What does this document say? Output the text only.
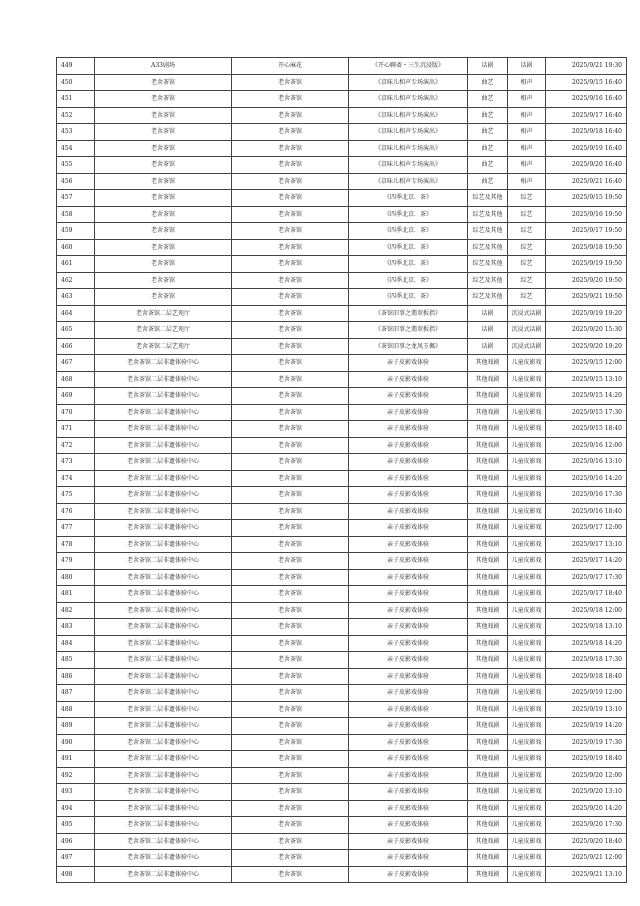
449	A33剧场	开心麻花	《开心聊斋・三生沉浸版》	话剧	话剧	2025/9/21 19:30
450	老舍茶馆	老舍茶馆	《京味儿相声专场演出》	曲艺	相声	2025/9/15 16:40
451	老舍茶馆	老舍茶馆	《京味儿相声专场演出》	曲艺	相声	2025/9/16 16:40
452	老舍茶馆	老舍茶馆	《京味儿相声专场演出》	曲艺	相声	2025/9/17 16:40
453	老舍茶馆	老舍茶馆	《京味儿相声专场演出》	曲艺	相声	2025/9/18 16:40
454	老舍茶馆	老舍茶馆	《京味儿相声专场演出》	曲艺	相声	2025/9/19 16:40
455	老舍茶馆	老舍茶馆	《京味儿相声专场演出》	曲艺	相声	2025/9/20 16:40
456	老舍茶馆	老舍茶馆	《京味儿相声专场演出》	曲艺	相声	2025/9/21 16:40
457	老舍茶馆	老舍茶馆	《四季北京．茶》	综艺及其他	综艺	2025/9/15 19:50
458	老舍茶馆	老舍茶馆	《四季北京．茶》	综艺及其他	综艺	2025/9/16 19:50
459	老舍茶馆	老舍茶馆	《四季北京．茶》	综艺及其他	综艺	2025/9/17 19:50
460	老舍茶馆	老舍茶馆	《四季北京．茶》	综艺及其他	综艺	2025/9/18 19:50
461	老舍茶馆	老舍茶馆	《四季北京．茶》	综艺及其他	综艺	2025/9/19 19:50
462	老舍茶馆	老舍茶馆	《四季北京．茶》	综艺及其他	综艺	2025/9/20 19:50
463	老舍茶馆	老舍茶馆	《四季北京．茶》	综艺及其他	综艺	2025/9/21 19:50
464	老舍茶馆二层艺苑厅	老舍茶馆	《茶馆旧事之翡翠扳指》	话剧	沉浸式话剧	2025/9/19 19:20
465	老舍茶馆二层艺苑厅	老舍茶馆	《茶馆旧事之翡翠扳指》	话剧	沉浸式话剧	2025/9/20 15:30
466	老舍茶馆二层艺苑厅	老舍茶馆	《茶馆旧事之龙凤玉佩》	话剧	沉浸式话剧	2025/9/20 19:20
467	老舍茶馆二层非遗体验中心	老舍茶馆	亲子皮影戏体验	其他戏剧	儿童皮影戏	2025/9/15 12:00
468	老舍茶馆二层非遗体验中心	老舍茶馆	亲子皮影戏体验	其他戏剧	儿童皮影戏	2025/9/15 13:10
469	老舍茶馆二层非遗体验中心	老舍茶馆	亲子皮影戏体验	其他戏剧	儿童皮影戏	2025/9/15 14:20
470	老舍茶馆二层非遗体验中心	老舍茶馆	亲子皮影戏体验	其他戏剧	儿童皮影戏	2025/9/15 17:30
471	老舍茶馆二层非遗体验中心	老舍茶馆	亲子皮影戏体验	其他戏剧	儿童皮影戏	2025/9/15 18:40
472	老舍茶馆二层非遗体验中心	老舍茶馆	亲子皮影戏体验	其他戏剧	儿童皮影戏	2025/9/16 12:00
473	老舍茶馆二层非遗体验中心	老舍茶馆	亲子皮影戏体验	其他戏剧	儿童皮影戏	2025/9/16 13:10
474	老舍茶馆二层非遗体验中心	老舍茶馆	亲子皮影戏体验	其他戏剧	儿童皮影戏	2025/9/16 14:20
475	老舍茶馆二层非遗体验中心	老舍茶馆	亲子皮影戏体验	其他戏剧	儿童皮影戏	2025/9/16 17:30
476	老舍茶馆二层非遗体验中心	老舍茶馆	亲子皮影戏体验	其他戏剧	儿童皮影戏	2025/9/16 18:40
477	老舍茶馆二层非遗体验中心	老舍茶馆	亲子皮影戏体验	其他戏剧	儿童皮影戏	2025/9/17 12:00
478	老舍茶馆二层非遗体验中心	老舍茶馆	亲子皮影戏体验	其他戏剧	儿童皮影戏	2025/9/17 13:10
479	老舍茶馆二层非遗体验中心	老舍茶馆	亲子皮影戏体验	其他戏剧	儿童皮影戏	2025/9/17 14:20
480	老舍茶馆二层非遗体验中心	老舍茶馆	亲子皮影戏体验	其他戏剧	儿童皮影戏	2025/9/17 17:30
481	老舍茶馆二层非遗体验中心	老舍茶馆	亲子皮影戏体验	其他戏剧	儿童皮影戏	2025/9/17 18:40
482	老舍茶馆二层非遗体验中心	老舍茶馆	亲子皮影戏体验	其他戏剧	儿童皮影戏	2025/9/18 12:00
483	老舍茶馆二层非遗体验中心	老舍茶馆	亲子皮影戏体验	其他戏剧	儿童皮影戏	2025/9/18 13:10
484	老舍茶馆二层非遗体验中心	老舍茶馆	亲子皮影戏体验	其他戏剧	儿童皮影戏	2025/9/18 14:20
485	老舍茶馆二层非遗体验中心	老舍茶馆	亲子皮影戏体验	其他戏剧	儿童皮影戏	2025/9/18 17:30
486	老舍茶馆二层非遗体验中心	老舍茶馆	亲子皮影戏体验	其他戏剧	儿童皮影戏	2025/9/18 18:40
487	老舍茶馆二层非遗体验中心	老舍茶馆	亲子皮影戏体验	其他戏剧	儿童皮影戏	2025/9/19 12:00
488	老舍茶馆二层非遗体验中心	老舍茶馆	亲子皮影戏体验	其他戏剧	儿童皮影戏	2025/9/19 13:10
489	老舍茶馆二层非遗体验中心	老舍茶馆	亲子皮影戏体验	其他戏剧	儿童皮影戏	2025/9/19 14:20
490	老舍茶馆二层非遗体验中心	老舍茶馆	亲子皮影戏体验	其他戏剧	儿童皮影戏	2025/9/19 17:30
491	老舍茶馆二层非遗体验中心	老舍茶馆	亲子皮影戏体验	其他戏剧	儿童皮影戏	2025/9/19 18:40
492	老舍茶馆二层非遗体验中心	老舍茶馆	亲子皮影戏体验	其他戏剧	儿童皮影戏	2025/9/20 12:00
493	老舍茶馆二层非遗体验中心	老舍茶馆	亲子皮影戏体验	其他戏剧	儿童皮影戏	2025/9/20 13:10
494	老舍茶馆二层非遗体验中心	老舍茶馆	亲子皮影戏体验	其他戏剧	儿童皮影戏	2025/9/20 14:20
495	老舍茶馆二层非遗体验中心	老舍茶馆	亲子皮影戏体验	其他戏剧	儿童皮影戏	2025/9/20 17:30
496	老舍茶馆二层非遗体验中心	老舍茶馆	亲子皮影戏体验	其他戏剧	儿童皮影戏	2025/9/20 18:40
497	老舍茶馆二层非遗体验中心	老舍茶馆	亲子皮影戏体验	其他戏剧	儿童皮影戏	2025/9/21 12:00
498	老舍茶馆二层非遗体验中心	老舍茶馆	亲子皮影戏体验	其他戏剧	儿童皮影戏	2025/9/21 13:10
